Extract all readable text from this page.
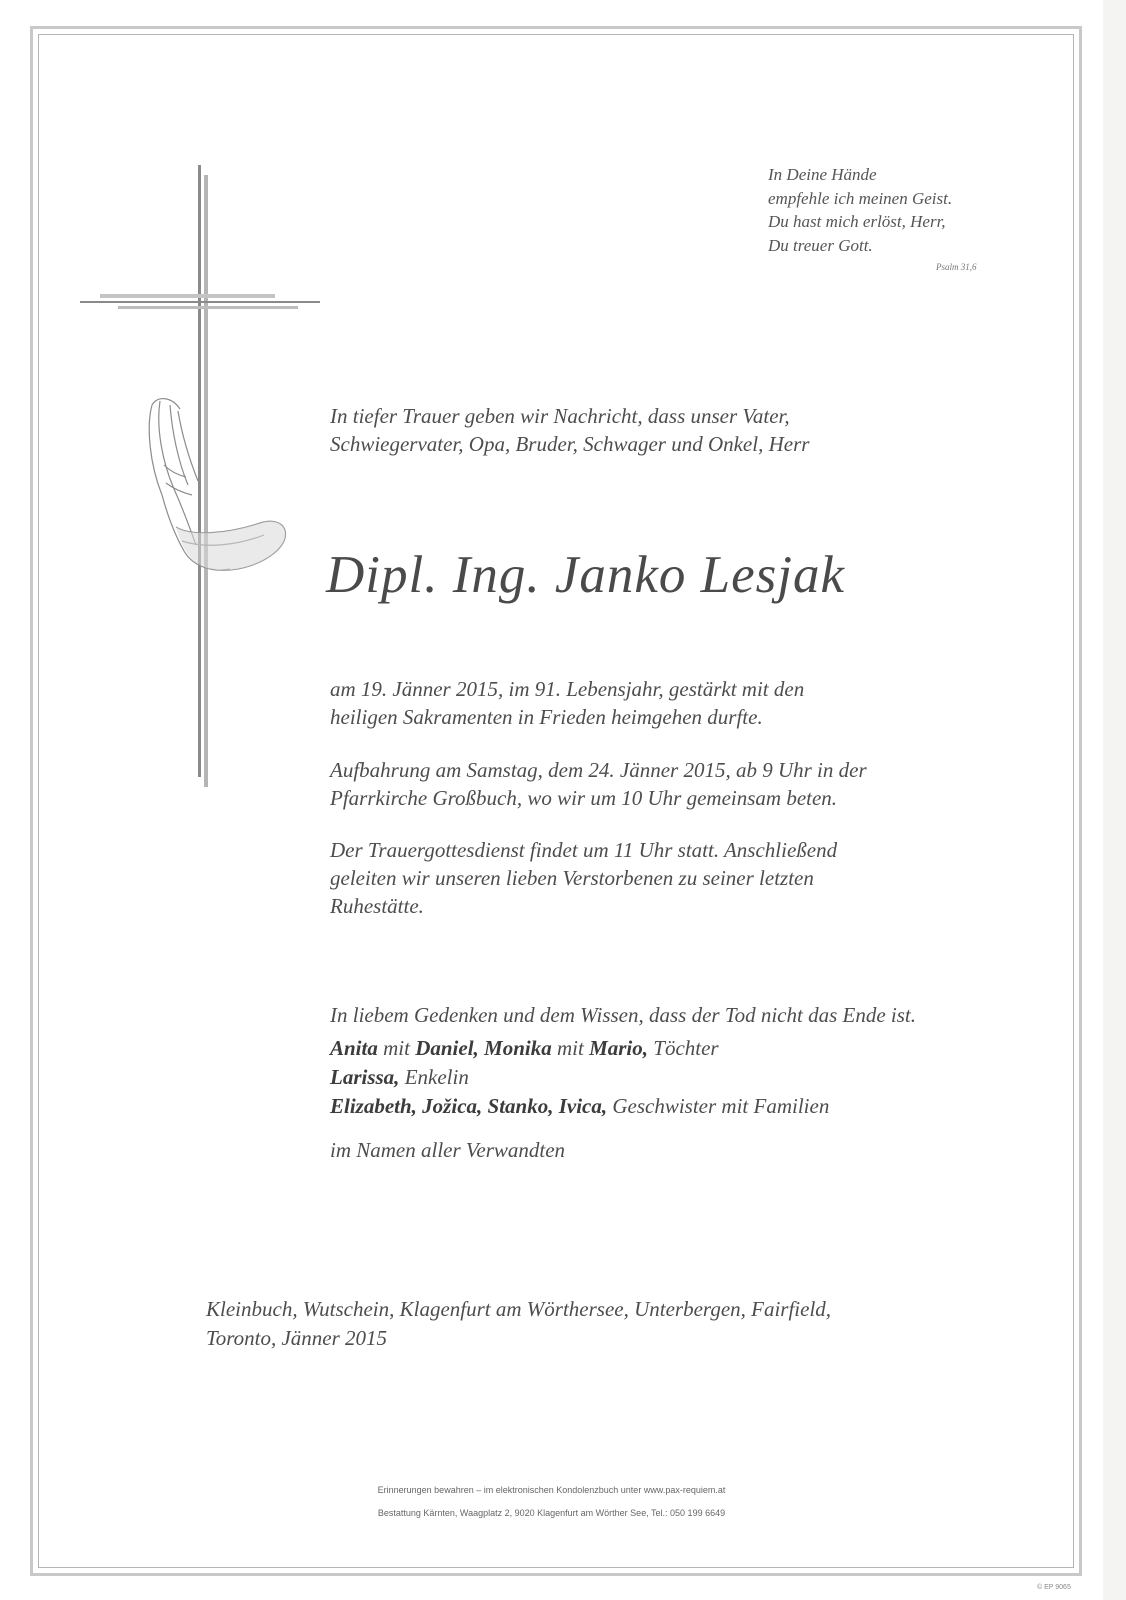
In Deine Hände
empfehle ich meinen Geist.
Du hast mich erlöst, Herr,
Du treuer Gott.
Psalm 31,6
In tiefer Trauer geben wir Nachricht, dass unser Vater,
Schwiegervater, Opa, Bruder, Schwager und Onkel, Herr
Dipl. Ing. Janko Lesjak
am 19. Jänner 2015, im 91. Lebensjahr, gestärkt mit den
heiligen Sakramenten in Frieden heimgehen durfte.
Aufbahrung am Samstag, dem 24. Jänner 2015, ab 9 Uhr in der
Pfarrkirche Großbuch, wo wir um 10 Uhr gemeinsam beten.
Der Trauergottesdienst findet um 11 Uhr statt. Anschließend
geleiten wir unseren lieben Verstorbenen zu seiner letzten
Ruhestätte.
In liebem Gedenken und dem Wissen, dass der Tod nicht das Ende ist.
Anita mit Daniel, Monika mit Mario, Töchter
Larissa, Enkelin
Elizabeth, Jožica, Stanko, Ivica, Geschwister mit Familien
im Namen aller Verwandten
Kleinbuch, Wutschein, Klagenfurt am Wörthersee, Unterbergen, Fairfield,
Toronto, Jänner 2015
Erinnerungen bewahren – im elektronischen Kondolenzbuch unter www.pax-requiem.at
Bestattung Kärnten, Waagplatz 2, 9020 Klagenfurt am Wörther See, Tel.: 050 199 6649
© EP 9065
